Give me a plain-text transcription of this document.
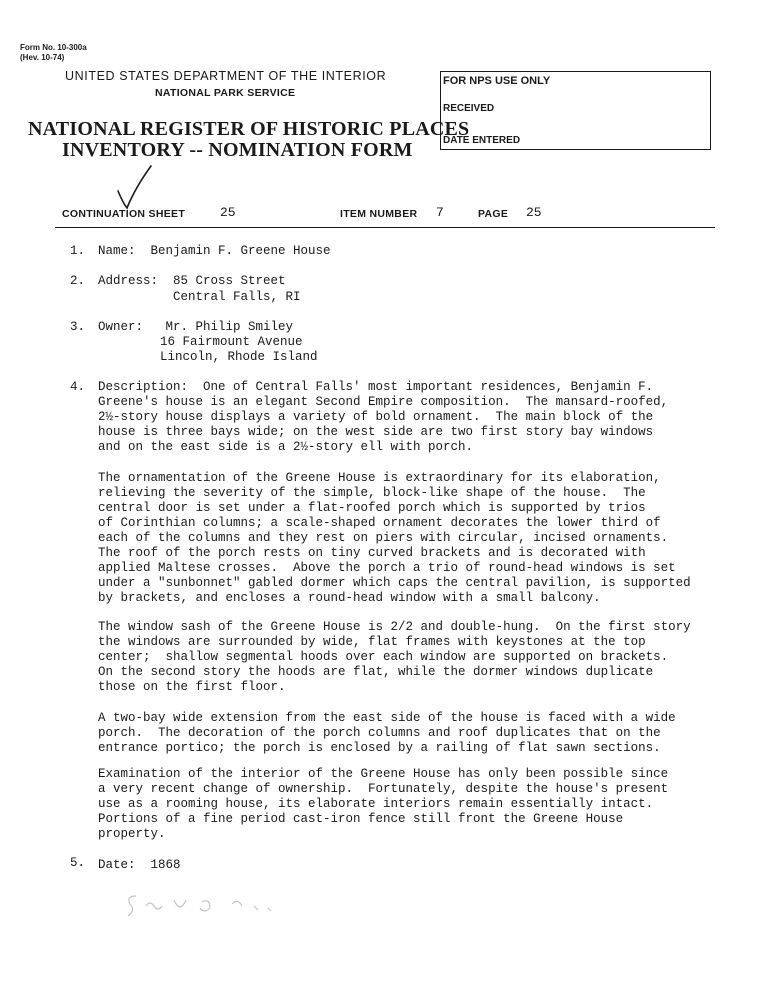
Form No. 10-300a
(Hev. 10-74)
UNITED STATES DEPARTMENT OF THE INTERIOR
NATIONAL PARK SERVICE
NATIONAL REGISTER OF HISTORIC PLACES
INVENTORY -- NOMINATION FORM
FOR NPS USE ONLY
RECEIVED
DATE ENTERED
CONTINUATION SHEET	25	ITEM NUMBER 7	PAGE 25
1. Name:  Benjamin F. Greene House
2. Address:  85 Cross Street
Central Falls, RI
3. Owner:   Mr. Philip Smiley
16 Fairmount Avenue
Lincoln, Rhode Island
4. Description:  One of Central Falls' most important residences, Benjamin F.
Greene's house is an elegant Second Empire composition.  The mansard-roofed,
2½-story house displays a variety of bold ornament.  The main block of the
house is three bays wide; on the west side are two first story bay windows
and on the east side is a 2½-story ell with porch.
The ornamentation of the Greene House is extraordinary for its elaboration,
relieving the severity of the simple, block-like shape of the house.  The
central door is set under a flat-roofed porch which is supported by trios
of Corinthian columns; a scale-shaped ornament decorates the lower third of
each of the columns and they rest on piers with circular, incised ornaments.
The roof of the porch rests on tiny curved brackets and is decorated with
applied Maltese crosses.  Above the porch a trio of round-head windows is set
under a "sunbonnet" gabled dormer which caps the central pavilion, is supported
by brackets, and encloses a round-head window with a small balcony.
The window sash of the Greene House is 2/2 and double-hung.  On the first story
the windows are surrounded by wide, flat frames with keystones at the top
center;  shallow segmental hoods over each window are supported on brackets.
On the second story the hoods are flat, while the dormer windows duplicate
those on the first floor.
A two-bay wide extension from the east side of the house is faced with a wide
porch.  The decoration of the porch columns and roof duplicates that on the
entrance portico; the porch is enclosed by a railing of flat sawn sections.
Examination of the interior of the Greene House has only been possible since
a very recent change of ownership.  Fortunately, despite the house's present
use as a rooming house, its elaborate interiors remain essentially intact.
Portions of a fine period cast-iron fence still front the Greene House
property.
5. Date:  1868
